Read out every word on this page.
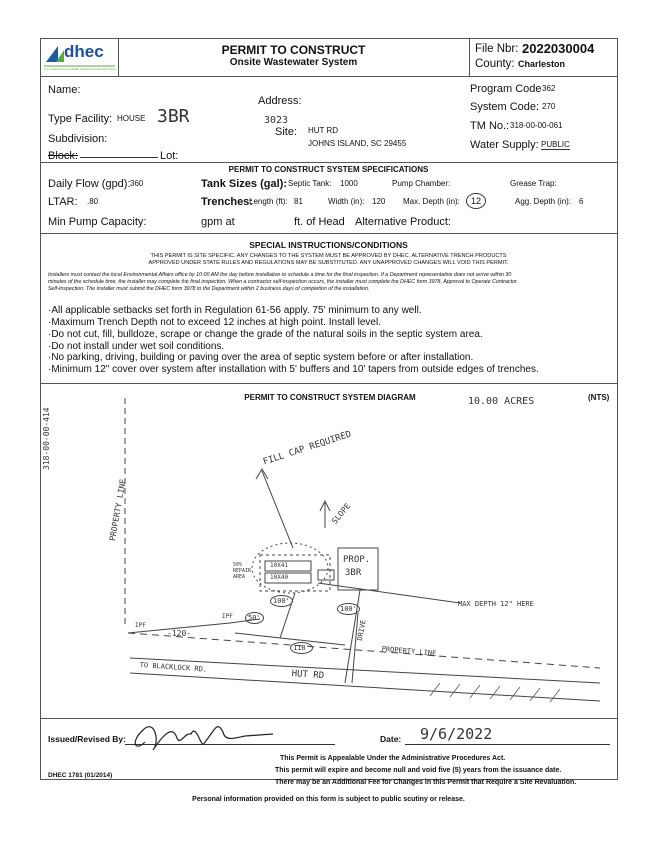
dhec
S.C. Department of Health and Environmental Control
PERMIT TO CONSTRUCT
Onsite Wastewater System
File Nbr: 2022030004
County: Charleston
Name:
Address:
Program Code 362
Type Facility: HOUSE 3BR	System Code: 270
3023
Site: HUT RD
JOHNS ISLAND, SC 29455
TM No.: 318-00-00-061
Subdivision:	Water Supply: PUBLIC
Block:	Lot:
PERMIT TO CONSTRUCT SYSTEM SPECIFICATIONS
Daily Flow (gpd): 360	Tank Sizes (gal): Septic Tank: 1000	Pump Chamber:	Grease Trap:
LTAR: .80	Trenches:
Length (ft): 81	Width (in): 120 Max. Depth (in):	12	Agg. Depth (in): 6
Min Pump Capacity:	gpm at	ft. of Head Alternative Product:
SPECIAL INSTRUCTIONS/CONDITIONS
THIS PERMIT IS SITE SPECIFIC. ANY CHANGES TO THE SYSTEM MUST BE APPROVED BY DHEC. ALTERNATIVE TRENCH PRODUCTS
APPROVED UNDER STATE RULES AND REGULATIONS MAY BE SUBSTITUTED. ANY UNAPPROVED CHANGES WILL VOID THIS PERMIT.
Installers must contact the local Environmental Affairs office by 10:00 AM the day before installation to schedule a time for the final inspection. If a Department representative does not arrive within 30
minutes of the schedule time, the installer may complete the final inspection. When a contractor self-inspection occurs, the installer must complete the DHEC form 3978, Approval to Operate Contractor
Self-Inspection. The installer must submit the DHEC form 3978 to the Department within 2 business days of completion of the installation.
·All applicable setbacks set forth in Regulation 61-56 apply. 75' minimum to any well.
·Maximum Trench Depth not to exceed 12 inches at high point. Install level.
·Do not cut, fill, bulldoze, scrape or change the grade of the natural soils in the septic system area.
·Do not install under wet soil conditions.
·No parking, driving, building or paving over the area of septic system before or after installation.
·Minimum 12" cover over system after installation with 5' buffers and 10' tapers from outside edges of trenches.
PERMIT TO CONSTRUCT SYSTEM DIAGRAM	10.00 ACRES	(NTS)
318-00-00-414
PROPERTY LINE
FILL CAP REQUIRED
SLOPE
50% REPAIR AREA
10X41
10X40
PROP.
3BR
100'
100'
MAX DEPTH 12" HERE
IPF
IPF	50'
-120-
110'
DRIVE
PROPERTY LINE
TO BLACKLOCK RD.
HUT RD
Issued/Revised By:	Date: 9/6/2022
This Permit is Appealable Under the Administrative Procedures Act.
This permit will expire and become null and void five (5) years from the issuance date.
DHEC 1781 (01/2014)
There may be an Additional Fee for Changes in this Permit that Require a Site Revaluation.
Personal information provided on this form is subject to public scutiny or release.
